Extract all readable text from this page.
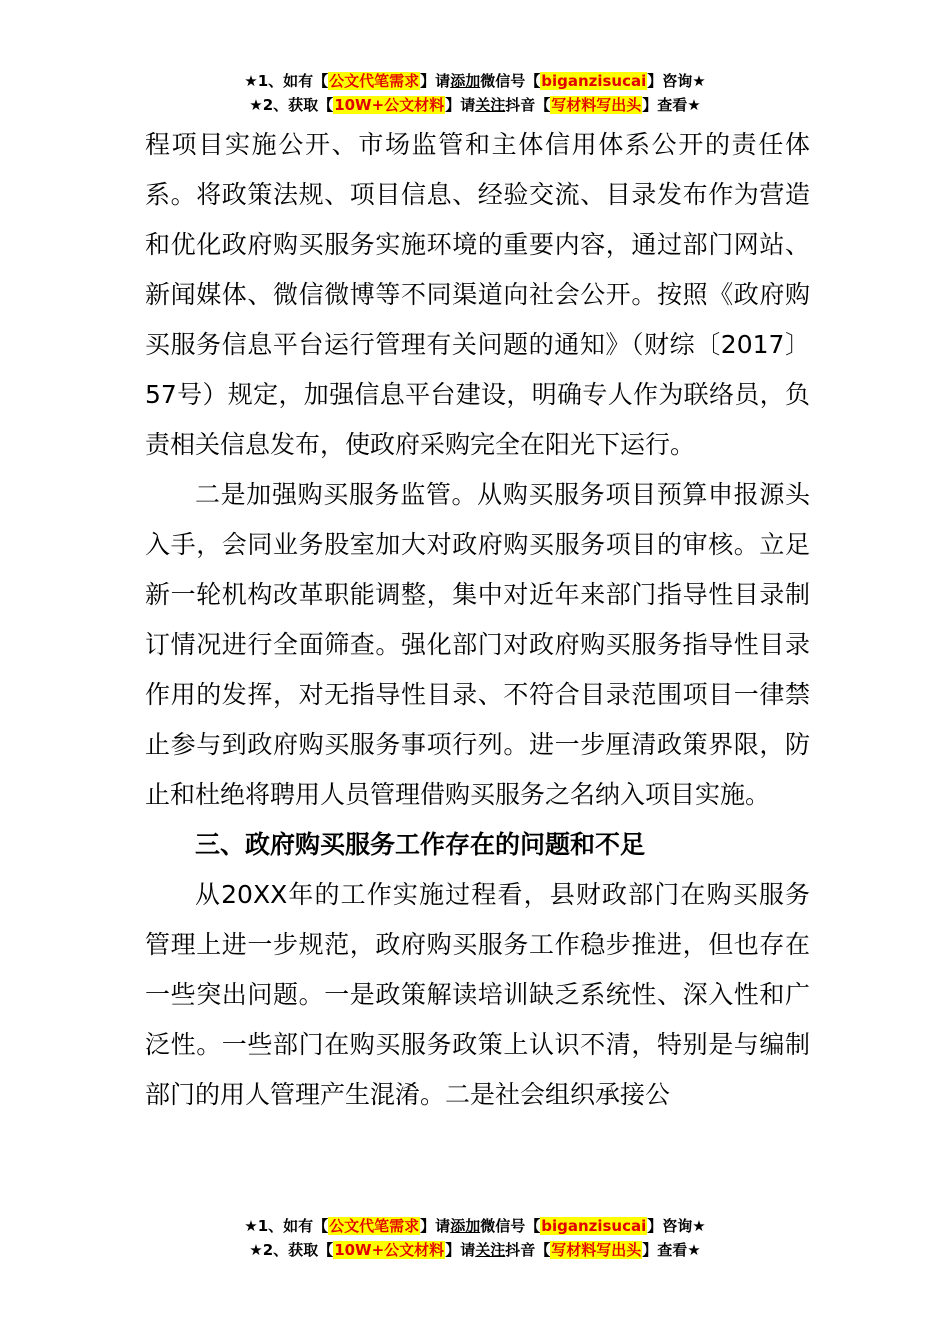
★1、如有【公文代笔需求】请添加微信号【biganzisucai】咨询★
★2、获取【10W+公文材料】请关注抖音【写材料写出头】查看★

程项目实施公开、市场监管和主体信用体系公开的责任体系。将政策法规、项目信息、经验交流、目录发布作为营造和优化政府购买服务实施环境的重要内容，通过部门网站、新闻媒体、微信微博等不同渠道向社会公开。按照《政府购买服务信息平台运行管理有关问题的通知》（财综〔2017〕57号）规定，加强信息平台建设，明确专人作为联络员，负责相关信息发布，使政府采购完全在阳光下运行。

二是加强购买服务监管。从购买服务项目预算申报源头入手，会同业务股室加大对政府购买服务项目的审核。立足新一轮机构改革职能调整，集中对近年来部门指导性目录制订情况进行全面筛查。强化部门对政府购买服务指导性目录作用的发挥，对无指导性目录、不符合目录范围项目一律禁止参与到政府购买服务事项行列。进一步厘清政策界限，防止和杜绝将聘用人员管理借购买服务之名纳入项目实施。

三、政府购买服务工作存在的问题和不足

从20XX年的工作实施过程看，县财政部门在购买服务管理上进一步规范，政府购买服务工作稳步推进，但也存在一些突出问题。一是政策解读培训缺乏系统性、深入性和广泛性。一些部门在购买服务政策上认识不清，特别是与编制部门的用人管理产生混淆。二是社会组织承接公

★1、如有【公文代笔需求】请添加微信号【biganzisucai】咨询★
★2、获取【10W+公文材料】请关注抖音【写材料写出头】查看★
